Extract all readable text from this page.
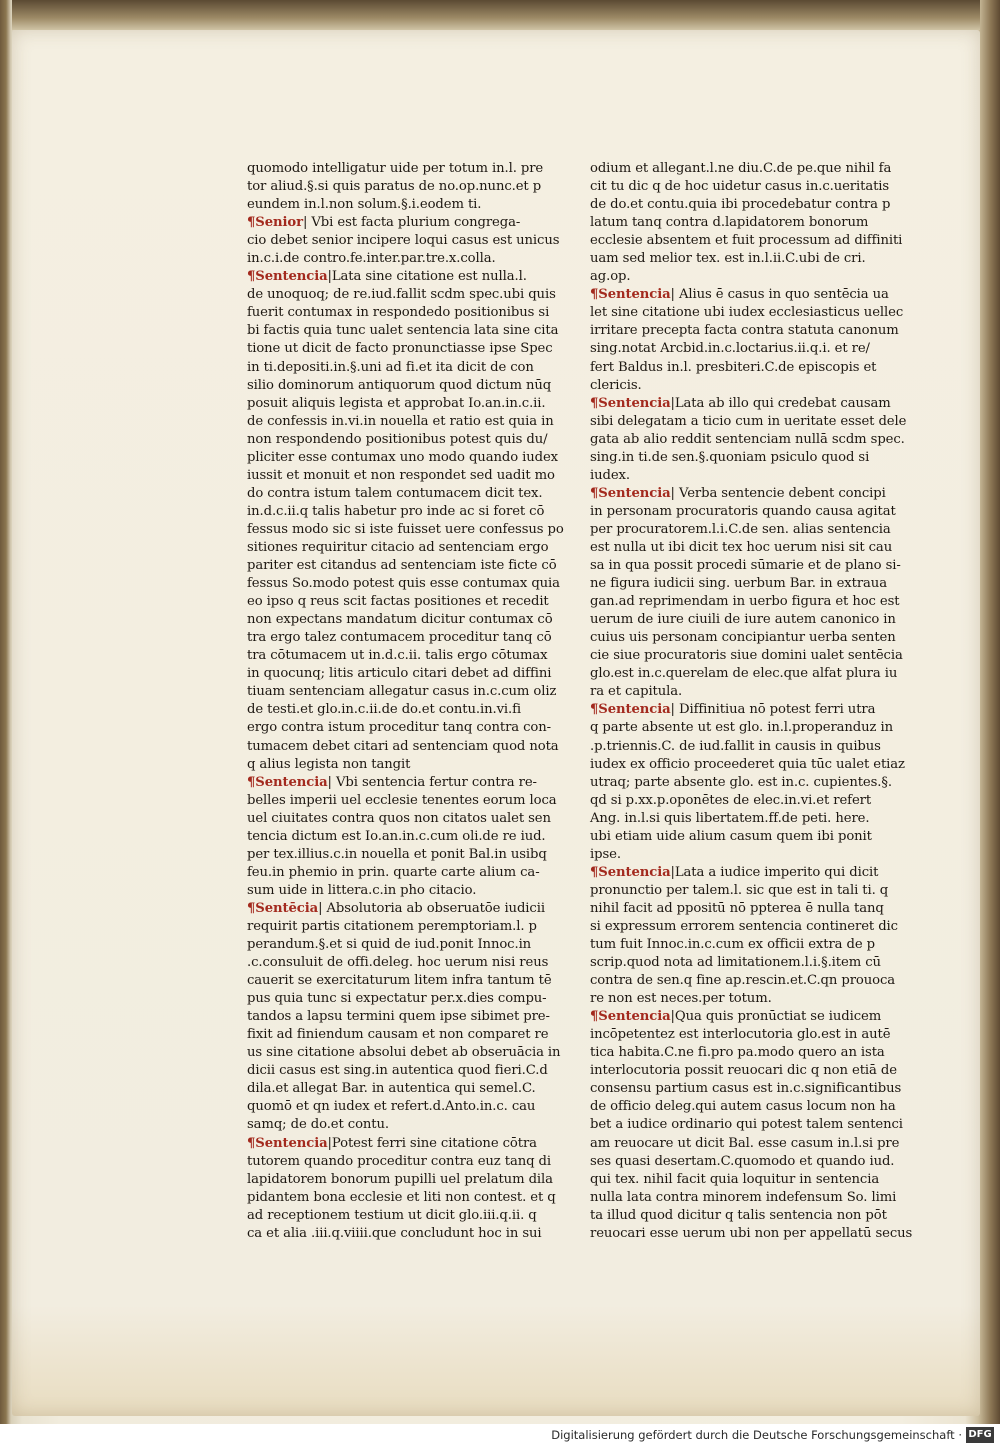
quomodo intelligatur uide per totum in.l. pre
tor aliud.§.si quis paratus de no.op.nunc.et p
eundem in.l.non solum.§.i.eodem ti.
¶Senior| Vbi est facta plurium congrega-
cio debet senior incipere loqui casus est unicus
in.c.i.de contro.fe.inter.par.tre.x.colla.
¶Sentencia|Lata sine citatione est nulla.l.
de unoquoq; de re.iud.fallit scdm spec.ubi quis
fuerit contumax in respondedo positionibus si
bi factis quia tunc ualet sentencia lata sine cita
tione ut dicit de facto pronunctiasse ipse Spec
in ti.depositi.in.§.uni ad fi.et ita dicit de con
silio dominorum antiquorum quod dictum nūq
posuit aliquis legista et approbat Io.an.in.c.ii.
de confessis in.vi.in nouella et ratio est quia in
non respondendo positionibus potest quis du/
pliciter esse contumax uno modo quando iudex
iussit et monuit et non respondet sed uadit mo
do contra istum talem contumacem dicit tex.
in.d.c.ii.q talis habetur pro inde ac si foret cō
fessus modo sic si iste fuisset uere confessus po
sitiones requiritur citacio ad sentenciam ergo
pariter est citandus ad sentenciam iste ficte cō
fessus So.modo potest quis esse contumax quia
eo ipso q reus scit factas positiones et recedit
non expectans mandatum dicitur contumax cō
tra ergo talez contumacem proceditur tanq cō
tra cōtumacem ut in.d.c.ii. talis ergo cōtumax
in quocunq; litis articulo citari debet ad diffini
tiuam sentenciam allegatur casus in.c.cum oliz
de testi.et glo.in.c.ii.de do.et contu.in.vi.fi
ergo contra istum proceditur tanq contra con-
tumacem debet citari ad sentenciam quod nota
q alius legista non tangit
¶Sentencia| Vbi sentencia fertur contra re-
belles imperii uel ecclesie tenentes eorum loca
uel ciuitates contra quos non citatos ualet sen
tencia dictum est Io.an.in.c.cum oli.de re iud.
per tex.illius.c.in nouella et ponit Bal.in usibq
feu.in phemio in prin. quarte carte alium ca-
sum uide in littera.c.in pho citacio.
¶Sentēcia| Absolutoria ab obseruatōe iudicii
requirit partis citationem peremptoriam.l. p
perandum.§.et si quid de iud.ponit Innoc.in
.c.consuluit de offi.deleg. hoc uerum nisi reus
cauerit se exercitaturum litem infra tantum tē
pus quia tunc si expectatur per.x.dies compu-
tandos a lapsu termini quem ipse sibimet pre-
fixit ad finiendum causam et non comparet re
us sine citatione absolui debet ab obseruācia in
dicii casus est sing.in autentica quod fieri.C.d
dila.et allegat Bar. in autentica qui semel.C.
quomō et qn iudex et refert.d.Anto.in.c. cau
samq; de do.et contu.
¶Sentencia|Potest ferri sine citatione cōtra
tutorem quando proceditur contra euz tanq di
lapidatorem bonorum pupilli uel prelatum dila
pidantem bona ecclesie et liti non contest. et q
ad receptionem testium ut dicit glo.iii.q.ii. q
ca et alia .iii.q.viiii.que concludunt hoc in sui
odium et allegant.l.ne diu.C.de pe.que nihil fa
cit tu dic q de hoc uidetur casus in.c.ueritatis
de do.et contu.quia ibi procedebatur contra p
latum tanq contra d.lapidatorem bonorum
ecclesie absentem et fuit processum ad diffiniti
uam sed melior tex. est in.l.ii.C.ubi de cri.
ag.op.
¶Sentencia| Alius ē casus in quo sentēcia ua
let sine citatione ubi iudex ecclesiasticus uellec
irritare precepta facta contra statuta canonum
sing.notat Arcbid.in.c.loctarius.ii.q.i. et re/
fert Baldus in.l. presbiteri.C.de episcopis et
clericis.
¶Sentencia|Lata ab illo qui credebat causam
sibi delegatam a ticio cum in ueritate esset dele
gata ab alio reddit sentenciam nullā scdm spec.
sing.in ti.de sen.§.quoniam psiculo quod si
iudex.
¶Sentencia| Verba sentencie debent concipi
in personam procuratoris quando causa agitat
per procuratorem.l.i.C.de sen. alias sentencia
est nulla ut ibi dicit tex hoc uerum nisi sit cau
sa in qua possit procedi sūmarie et de plano si-
ne figura iudicii sing. uerbum Bar. in extraua
gan.ad reprimendam in uerbo figura et hoc est
uerum de iure ciuili de iure autem canonico in
cuius uis personam concipiantur uerba senten
cie siue procuratoris siue domini ualet sentēcia
glo.est in.c.querelam de elec.que alfat plura iu
ra et capitula.
¶Sentencia| Diffinitiua nō potest ferri utra
q parte absente ut est glo. in.l.properanduz in
.p.triennis.C. de iud.fallit in causis in quibus
iudex ex officio proceederet quia tūc ualet etiaz
utraq; parte absente glo. est in.c. cupientes.§.
qd si p.xx.p.oponētes de elec.in.vi.et refert
Ang. in.l.si quis libertatem.ff.de peti. here.
ubi etiam uide alium casum quem ibi ponit
ipse.
¶Sentencia|Lata a iudice imperito qui dicit
pronunctio per talem.l. sic que est in tali ti. q
nihil facit ad ppositū nō ppterea ē nulla tanq
si expressum errorem sentencia contineret dic
tum fuit Innoc.in.c.cum ex officii extra de p
scrip.quod nota ad limitationem.l.i.§.item cū
contra de sen.q fine ap.rescin.et.C.qn prouoca
re non est neces.per totum.
¶Sentencia|Qua quis pronūctiat se iudicem
incōpetentez est interlocutoria glo.est in autē
tica habita.C.ne fi.pro pa.modo quero an ista
interlocutoria possit reuocari dic q non etiā de
consensu partium casus est in.c.significantibus
de officio deleg.qui autem casus locum non ha
bet a iudice ordinario qui potest talem sentenci
am reuocare ut dicit Bal. esse casum in.l.si pre
ses quasi desertam.C.quomodo et quando iud.
qui tex. nihil facit quia loquitur in sentencia
nulla lata contra minorem indefensum So. limi
ta illud quod dicitur q talis sentencia non pōt
reuocari esse uerum ubi non per appellatū secus
Digitalisierung gefördert durch die Deutsche Forschungsgemeinschaft · DFG
